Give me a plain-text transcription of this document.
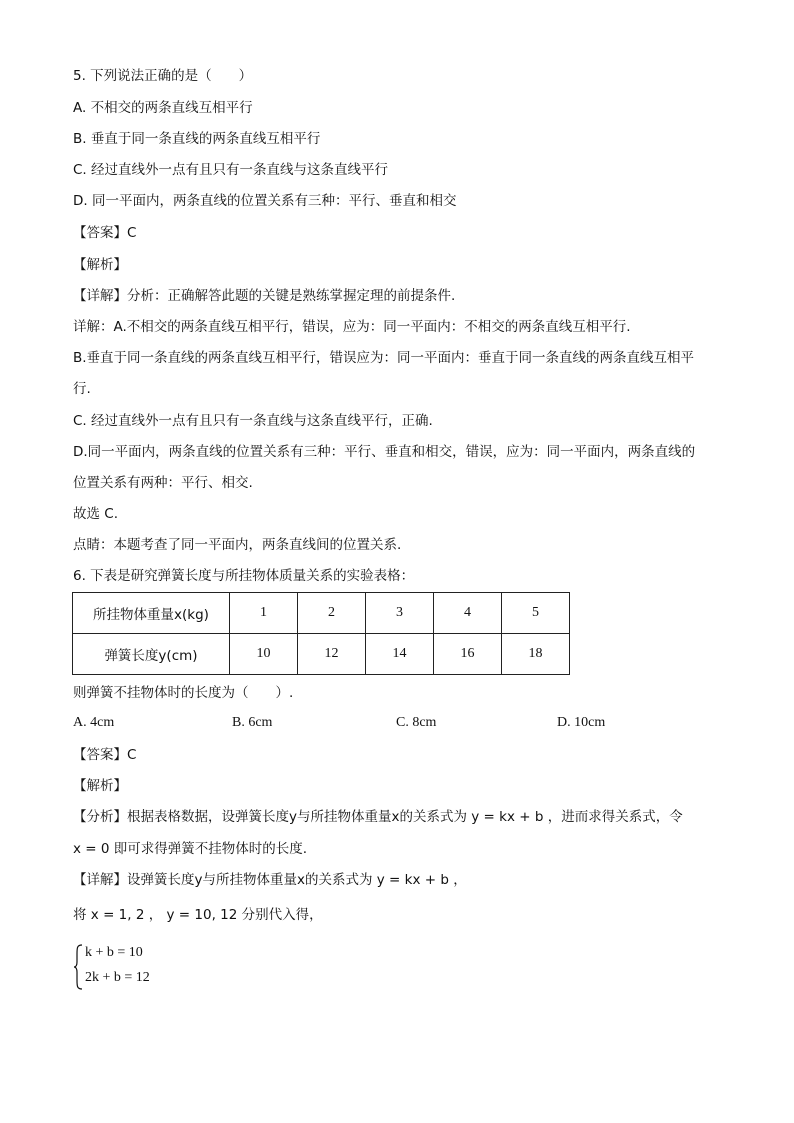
5. 下列说法正确的是（　　）
A. 不相交的两条直线互相平行
B. 垂直于同一条直线的两条直线互相平行
C. 经过直线外一点有且只有一条直线与这条直线平行
D. 同一平面内，两条直线的位置关系有三种：平行、垂直和相交
【答案】C
【解析】
【详解】分析：正确解答此题的关键是熟练掌握定理的前提条件.
详解：A.不相交的两条直线互相平行，错误，应为：同一平面内：不相交的两条直线互相平行.
B.垂直于同一条直线的两条直线互相平行，错误应为：同一平面内：垂直于同一条直线的两条直线互相平
行.
C. 经过直线外一点有且只有一条直线与这条直线平行，正确.
D.同一平面内，两条直线的位置关系有三种：平行、垂直和相交，错误，应为：同一平面内，两条直线的
位置关系有两种：平行、相交.
故选 C.
点睛：本题考查了同一平面内，两条直线间的位置关系.
6. 下表是研究弹簧长度与所挂物体质量关系的实验表格：
所挂物体重量x(kg)	1	2	3	4	5
弹簧长度y(cm)	10	12	14	16	18
则弹簧不挂物体时的长度为（　　）.
A. 4cm	B. 6cm	C. 8cm	D. 10cm
【答案】C
【解析】
【分析】根据表格数据，设弹簧长度y与所挂物体重量x的关系式为 y = kx + b ，进而求得关系式，令
x = 0 即可求得弹簧不挂物体时的长度.
【详解】设弹簧长度y与所挂物体重量x的关系式为 y = kx + b ，
将 x = 1, 2 ， y = 10, 12 分别代入得，
k + b = 10
2k + b = 12
